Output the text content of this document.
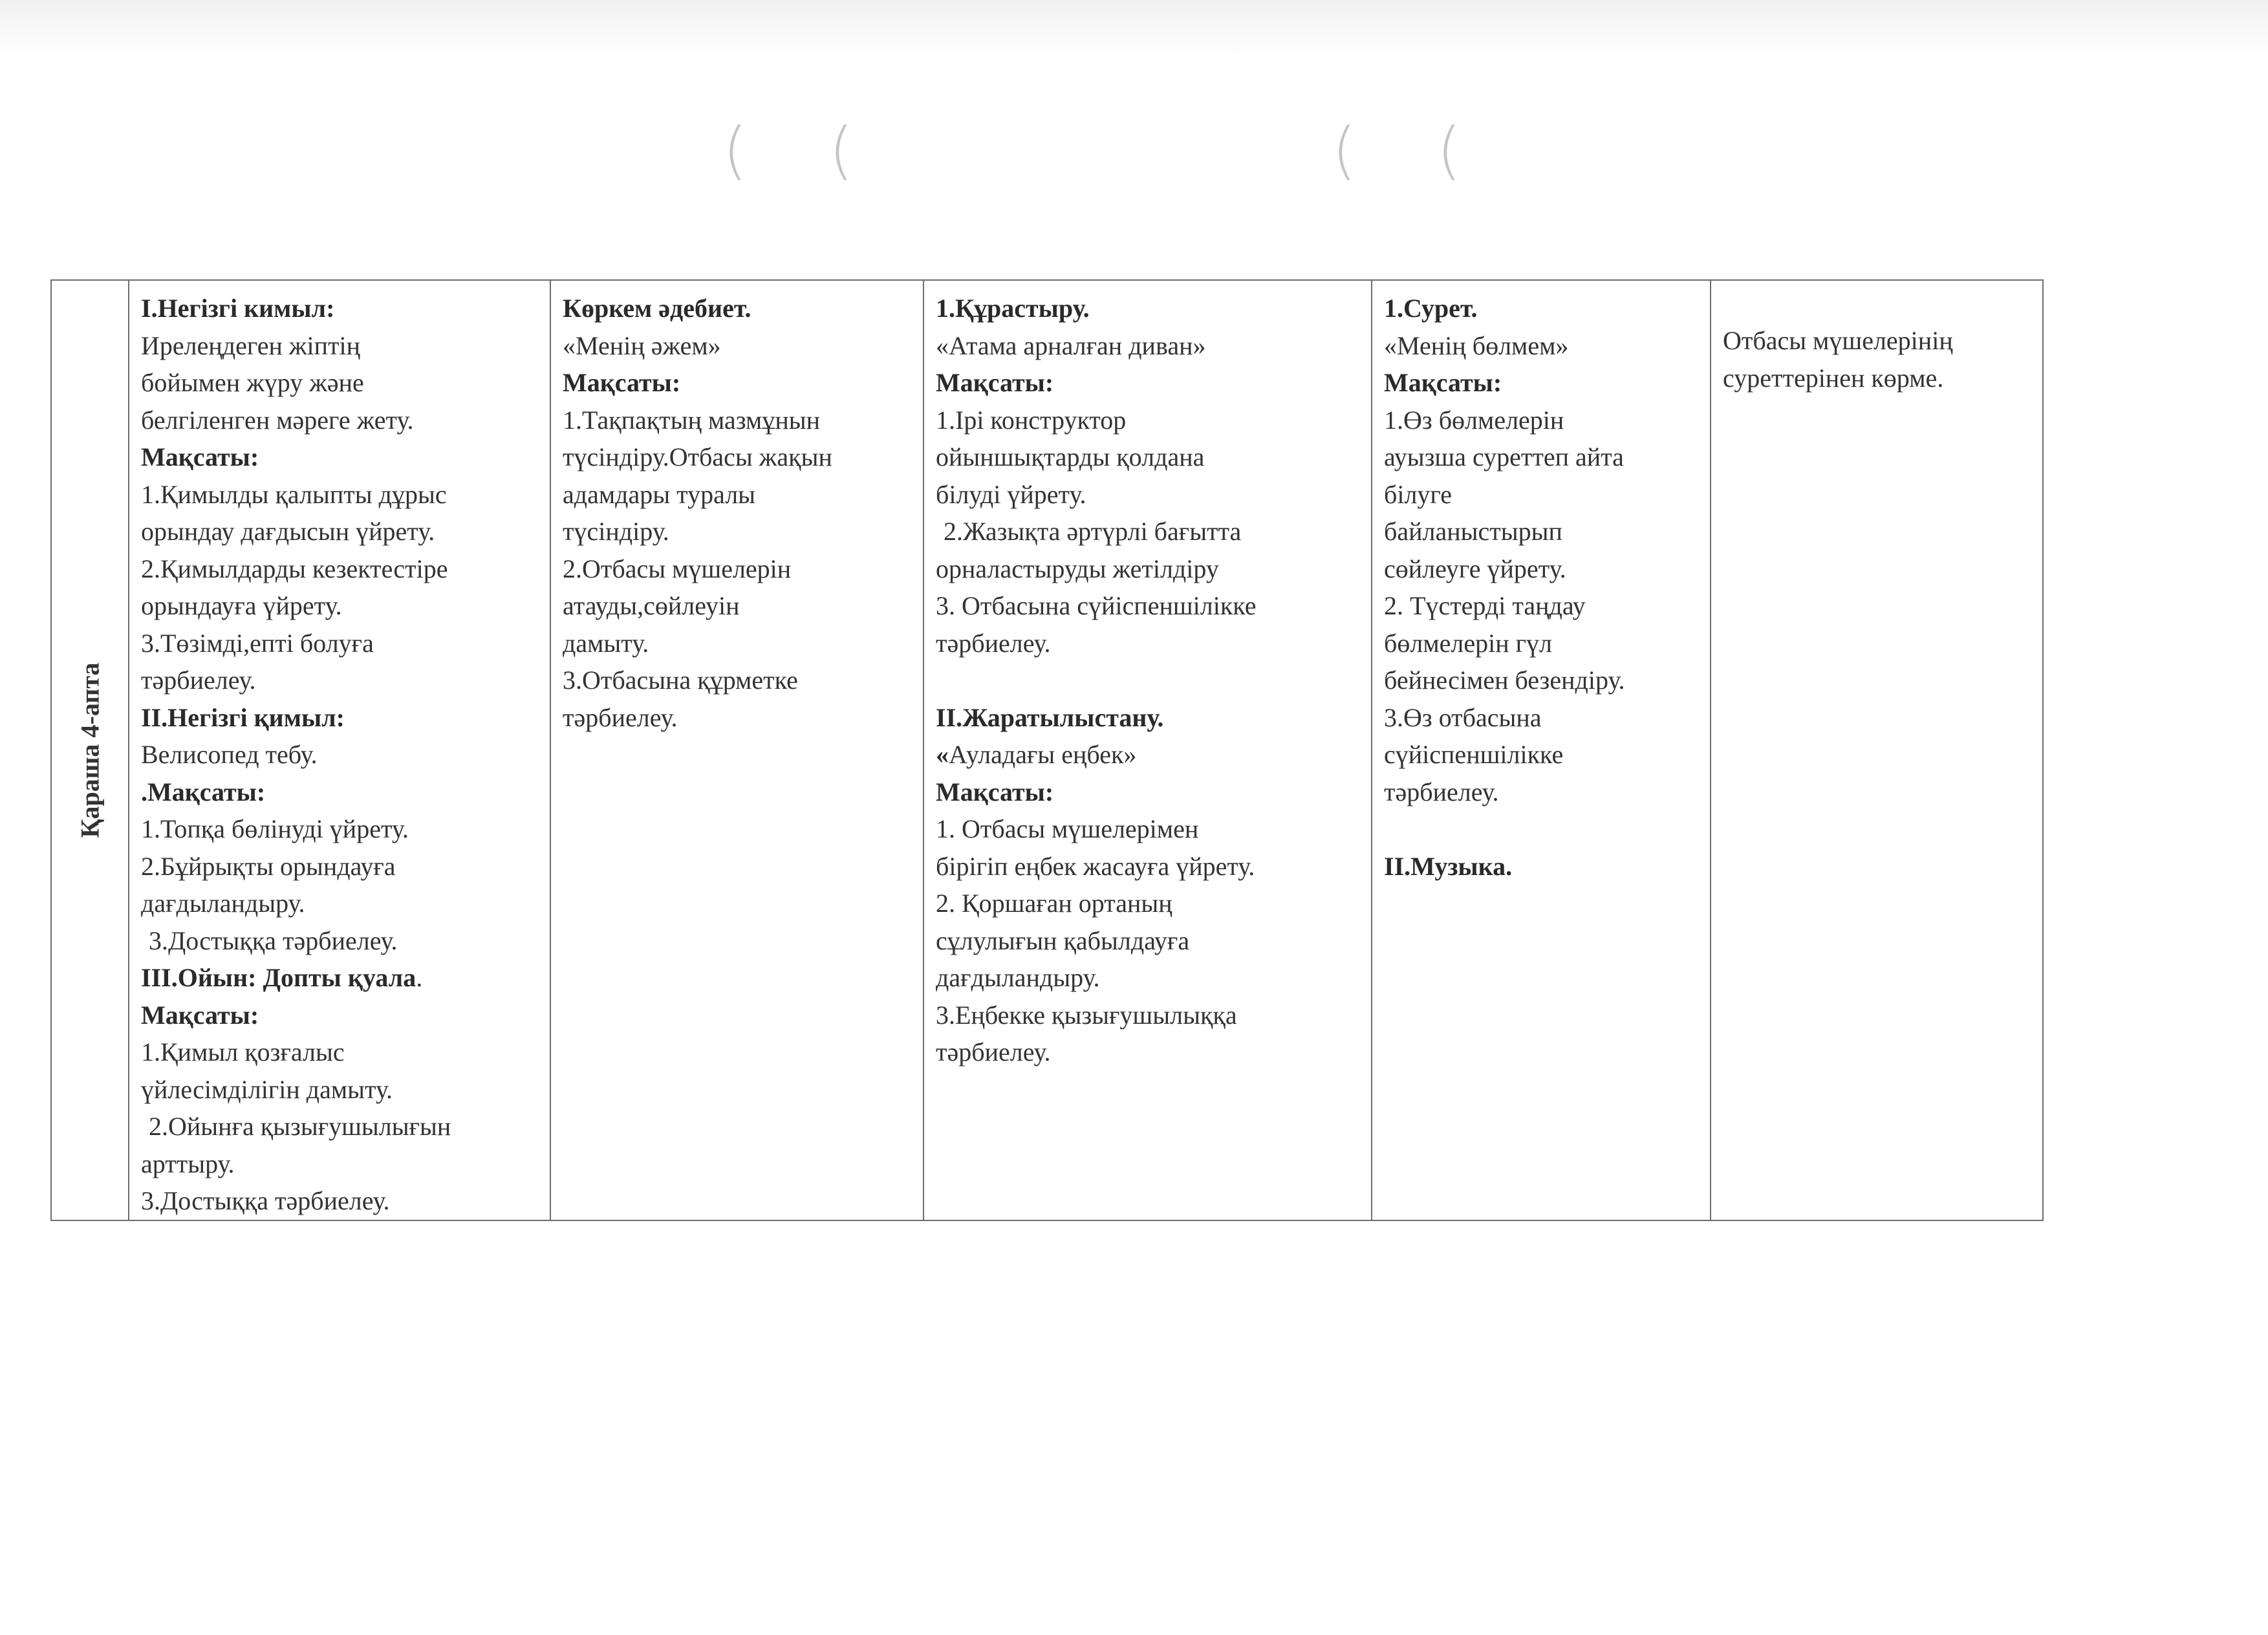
( (	( (
Қараша 4-апта

І.Негізгі кимыл:
Ирелеңдеген жіптің
бойымен жүру және
белгіленген мәреге жету.
Мақсаты:
1.Қимылды қалыпты дұрыс
орындау дағдысын үйрету.
2.Қимылдарды кезектестіре
орындауға үйрету.
3.Төзімді,епті болуға
тәрбиелеу.
ІІ.Негізгі қимыл:
Велисопед тебу.
.Мақсаты:
1.Топқа бөлінуді үйрету.
2.Бұйрықты орындауға
дағдыландыру.
3.Достыққа тәрбиелеу.
ІІІ.Ойын: Допты қуала.
Мақсаты:
1.Қимыл қозғалыс
үйлесімділігін дамыту.
2.Ойынға қызығушылығын
арттыру.
3.Достыққа тәрбиелеу.

Көркем әдебиет.
«Менің әжем»
Мақсаты:
1.Тақпақтың мазмұнын
түсіндіру.Отбасы жақын
адамдары туралы
түсіндіру.
2.Отбасы мүшелерін
атауды,сөйлеуін
дамыту.
3.Отбасына құрметке
тәрбиелеу.

1.Құрастыру.
«Атама арналған диван»
Мақсаты:
1.Ірі конструктор
ойыншықтарды қолдана
білуді үйрету.
2.Жазықта әртүрлі бағытта
орналастыруды жетілдіру
3. Отбасына сүйіспеншілікке
тәрбиелеу.
ІІ.Жаратылыстану.
«Ауладағы еңбек»
Мақсаты:
1. Отбасы мүшелерімен
бірігіп еңбек жасауға үйрету.
2. Қоршаған ортаның
сұлулығын қабылдауға
дағдыландыру.
3.Еңбекке қызығушылыққа
тәрбиелеу.

1.Сурет.
«Менің бөлмем»
Мақсаты:
1.Өз бөлмелерін
ауызша суреттеп айта
білуге
байланыстырып
сөйлеуге үйрету.
2. Түстерді таңдау
бөлмелерін гүл
бейнесімен безендіру.
3.Өз отбасына
сүйіспеншілікке
тәрбиелеу.
ІІ.Музыка.

Отбасы мүшелерінің
суреттерінен көрме.
